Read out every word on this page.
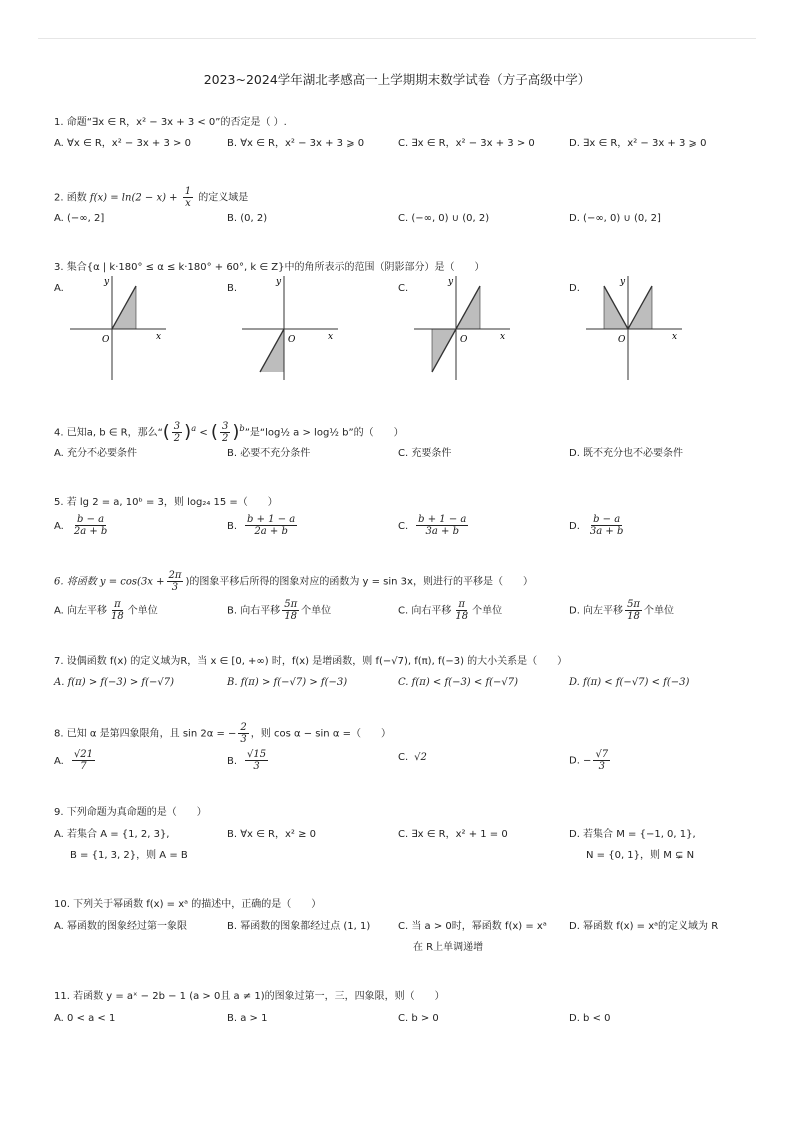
2023~2024学年湖北孝感高一上学期期末数学试卷（方子高级中学）
1. 命题“∃x ∈ R，x² − 3x + 3 < 0”的否定是（ ）.
A. ∀x ∈ R，x² − 3x + 3 > 0	B. ∀x ∈ R，x² − 3x + 3 ⩾ 0	C. ∃x ∈ R，x² − 3x + 3 > 0	D. ∃x ∈ R，x² − 3x + 3 ⩾ 0
2. 函数 $f(x) = \ln(2 - x) + \frac{1}{x}$ 的定义域是
A. (−∞, 2]	B. (0, 2)	C. (−∞, 0) ∪ (0, 2)	D. (−∞, 0) ∪ (0, 2]
3. 集合{α | k·180° ≤ α ≤ k·180° + 60°, k ∈ Z}中的角所表示的范围（阴影部分）是（　　）
A.	B.	C.	D.
x
y
O	x
y
O	x
y
O	x
y
O
4. 已知a, b ∈ R，那么“( $\frac{3}{2} )^a$ < ( $\frac{3}{2} )^b$”是“log½ a > log½ b”的（　　）
A. 充分不必要条件	B. 必要不充分条件	C. 充要条件	D. 既不充分也不必要条件
5. 若 lg 2 = a, 10ᵇ = 3，则 log₂₄ 15 =（　　）
A. $\frac{b - a}{2a + b}$	B. $\frac{b + 1 - a}{2a + b}$	C. $\frac{b + 1 - a}{3a + b}$	D. $\frac{b - a}{3a + b}$
6. 将函数 $y = \cos(3x + \frac{2\pi}{3}$ )的图象平移后所得的图象对应的函数为 y = sin 3x，则进行的平移是（　　）
A. 向左平移 $\frac{\pi}{18}$ 个单位	B. 向右平移 $\frac{5\pi}{18}$ 个单位	C. 向右平移 $\frac{\pi}{18}$ 个单位	D. 向左平移 $\frac{5\pi}{18}$ 个单位
7. 设偶函数 f(x) 的定义域为R，当 x ∈ [0, +∞) 时，f(x) 是增函数，则 f(−√7), f(π), f(−3) 的大小关系是（　　）
A. f(π) > f(−3) > f(−√7)	B. f(π) > f(−√7) > f(−3)	C. f(π) < f(−3) < f(−√7)	D. f(π) < f(−√7) < f(−3)
8. 已知 α 是第四象限角，且 sin 2α = − $\frac{2}{3}$ ，则 cos α − sin α =（　　）
A. $\frac{√21}{7}$	B. $\frac{√15}{3}$	C. √2	D. − $\frac{√7}{3}$
9. 下列命题为真命题的是（　　）
A. 若集合 A = {1, 2, 3},
B = {1, 3, 2}，则 A = B
B. ∀x ∈ R，x² ≥ 0	C. ∃x ∈ R，x² + 1 = 0	D. 若集合 M = {−1, 0, 1},
N = {0, 1}，则 M ⊊ N
10. 下列关于幂函数 f(x) = xᵃ 的描述中，正确的是（　　）
A. 幂函数的图象经过第一象限	B. 幂函数的图象都经过点 (1, 1)	C. 当 a > 0时，幂函数 f(x) = xᵃ
在 R上单调递增
D. 幂函数 f(x) = xᵃ的定义域为 R
11. 若函数 y = aˣ − 2b − 1 (a > 0且 a ≠ 1)的图象过第一，三，四象限，则（　　）
A. 0 < a < 1	B. a > 1	C. b > 0	D. b < 0
